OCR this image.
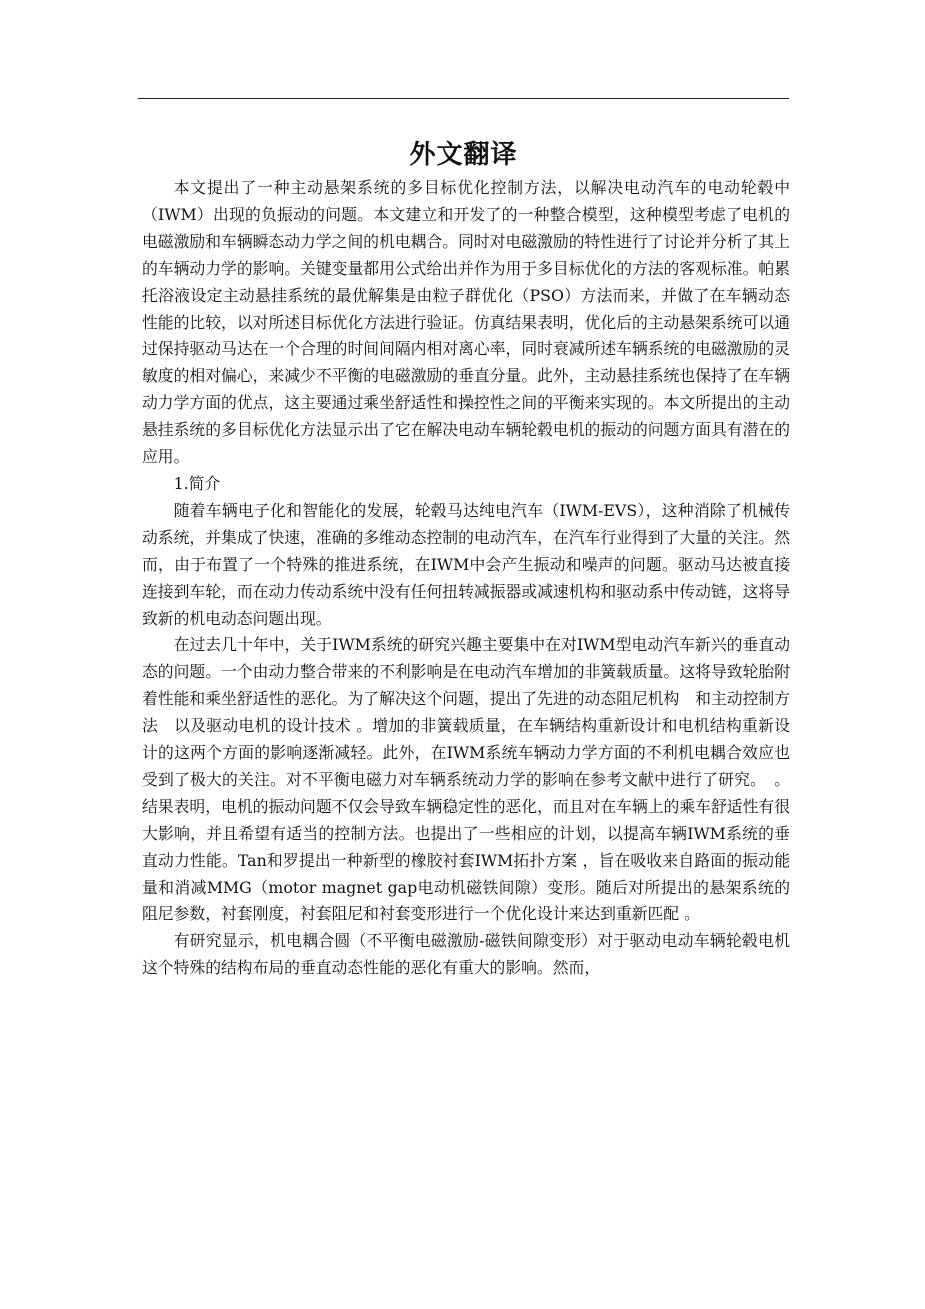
外文翻译

本文提出了一种主动悬架系统的多目标优化控制方法，以解决电动汽车的电动轮毂中（IWM）出现的负振动的问题。本文建立和开发了的一种整合模型，这种模型考虑了电机的电磁激励和车辆瞬态动力学之间的机电耦合。同时对电磁激励的特性进行了讨论并分析了其上的车辆动力学的影响。关键变量都用公式给出并作为用于多目标优化的方法的客观标准。帕累托浴液设定主动悬挂系统的最优解集是由粒子群优化（PSO）方法而来，并做了在车辆动态性能的比较，以对所述目标优化方法进行验证。仿真结果表明，优化后的主动悬架系统可以通过保持驱动马达在一个合理的时间间隔内相对离心率，同时衰减所述车辆系统的电磁激励的灵敏度的相对偏心，来减少不平衡的电磁激励的垂直分量。此外，主动悬挂系统也保持了在车辆动力学方面的优点，这主要通过乘坐舒适性和操控性之间的平衡来实现的。本文所提出的主动悬挂系统的多目标优化方法显示出了它在解决电动车辆轮毂电机的振动的问题方面具有潜在的应用。

1.简介

随着车辆电子化和智能化的发展，轮毂马达纯电汽车（IWM-EVS），这种消除了机械传动系统，并集成了快速，准确的多维动态控制的电动汽车，在汽车行业得到了大量的关注。然而，由于布置了一个特殊的推进系统，在IWM中会产生振动和噪声的问题。驱动马达被直接连接到车轮，而在动力传动系统中没有任何扭转减振器或减速机构和驱动系中传动链，这将导致新的机电动态问题出现。

在过去几十年中，关于IWM系统的研究兴趣主要集中在对IWM型电动汽车新兴的垂直动态的问题。一个由动力整合带来的不利影响是在电动汽车增加的非簧载质量。这将导致轮胎附着性能和乘坐舒适性的恶化。为了解决这个问题，提出了先进的动态阻尼机构　和主动控制方法　以及驱动电机的设计技术 。增加的非簧载质量，在车辆结构重新设计和电机结构重新设计的这两个方面的影响逐渐减轻。此外，在IWM系统车辆动力学方面的不利机电耦合效应也受到了极大的关注。对不平衡电磁力对车辆系统动力学的影响在参考文献中进行了研究。　。结果表明，电机的振动问题不仅会导致车辆稳定性的恶化，而且对在车辆上的乘车舒适性有很大影响，并且希望有适当的控制方法。也提出了一些相应的计划，以提高车辆IWM系统的垂直动力性能。Tan和罗提出一种新型的橡胶衬套IWM拓扑方案 ，旨在吸收来自路面的振动能量和消减MMG（motor magnet gap电动机磁铁间隙）变形。随后对所提出的悬架系统的阻尼参数，衬套刚度，衬套阻尼和衬套变形进行一个优化设计来达到重新匹配 。

有研究显示，机电耦合圆（不平衡电磁激励-磁铁间隙变形）对于驱动电动车辆轮毂电机这个特殊的结构布局的垂直动态性能的恶化有重大的影响。然而，
